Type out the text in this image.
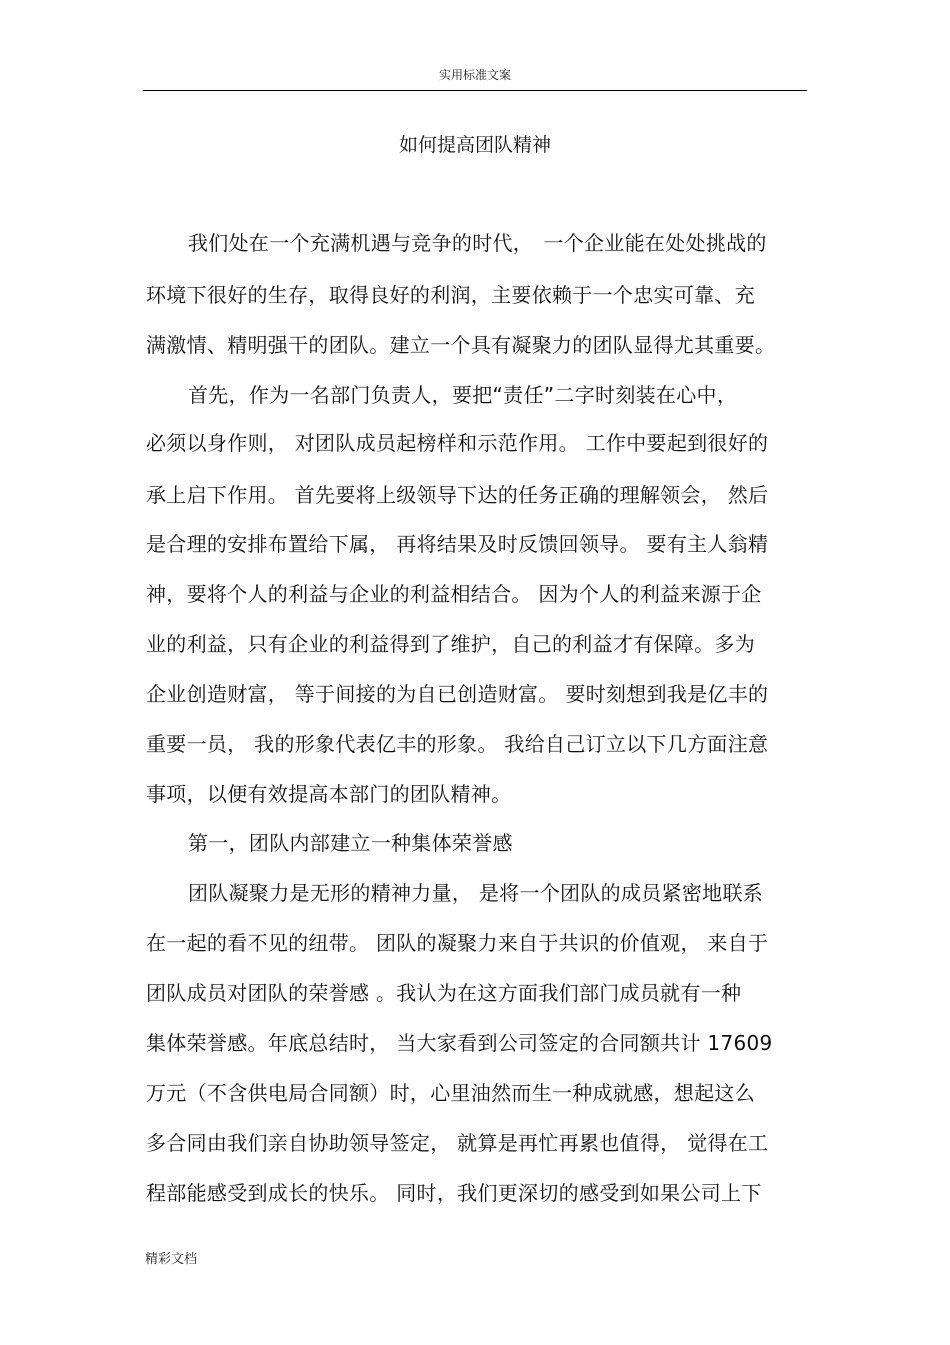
实用标准文案
如何提高团队精神
我们处在一个充满机遇与竞争的时代，　一个企业能在处处挑战的
环境下很好的生存，取得良好的利润，主要依赖于一个忠实可靠、充
满激情、精明强干的团队。建立一个具有凝聚力的团队显得尤其重要。
首先，作为一名部门负责人，要把“责任”二字时刻装在心中，
必须以身作则， 对团队成员起榜样和示范作用。 工作中要起到很好的
承上启下作用。 首先要将上级领导下达的任务正确的理解领会， 然后
是合理的安排布置给下属， 再将结果及时反馈回领导。 要有主人翁精
神，要将个人的利益与企业的利益相结合。 因为个人的利益来源于企
业的利益，只有企业的利益得到了维护，自己的利益才有保障。多为
企业创造财富， 等于间接的为自已创造财富。 要时刻想到我是亿丰的
重要一员， 我的形象代表亿丰的形象。 我给自己订立以下几方面注意
事项，以便有效提高本部门的团队精神。
第一，团队内部建立一种集体荣誉感
团队凝聚力是无形的精神力量， 是将一个团队的成员紧密地联系
在一起的看不见的纽带。 团队的凝聚力来自于共识的价值观， 来自于
团队成员对团队的荣誉感 。我认为在这方面我们部门成员就有一种
集体荣誉感。年底总结时， 当大家看到公司签定的合同额共计 17609
万元（不含供电局合同额）时，心里油然而生一种成就感，想起这么
多合同由我们亲自协助领导签定， 就算是再忙再累也值得， 觉得在工
程部能感受到成长的快乐。 同时，我们更深切的感受到如果公司上下
精彩文档
